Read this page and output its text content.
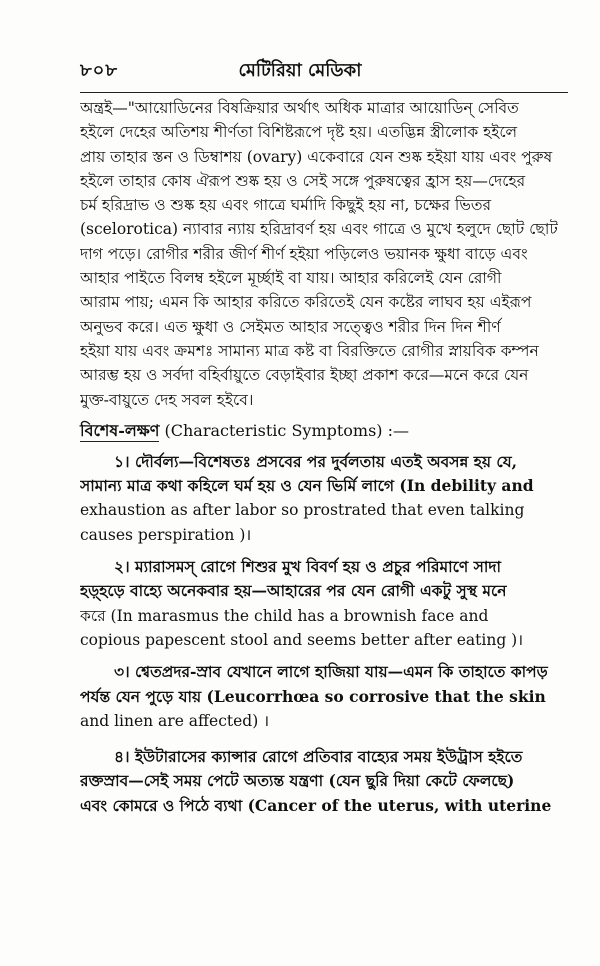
৮০৮	মেটিরিয়া মেডিকা
অন্ত্রই—"আয়োডিনের বিষক্রিয়ার অর্থাৎ অধিক মাত্রার আয়োডিন্ সেবিত
হইলে দেহের অতিশয় শীর্ণতা বিশিষ্টরূপে দৃষ্ট হয়। এতদ্ভিন্ন স্ত্রীলোক হইলে
প্রায় তাহার স্তন ও ডিম্বাশয় (ovary) একেবারে যেন শুষ্ক হইয়া যায় এবং পুরুষ
হইলে তাহার কোষ ঐরূপ শুষ্ক হয় ও সেই সঙ্গে পুরুষত্বের হ্রাস হয়—দেহের
চর্ম হরিদ্রাভ ও শুষ্ক হয় এবং গাত্রে ঘর্মাদি কিছুই হয় না, চক্ষের ভিতর
(scelorotica) ন্যাবার ন্যায় হরিদ্রাবর্ণ হয় এবং গাত্রে ও মুখে হলুদে ছোট ছোট
দাগ পড়ে। রোগীর শরীর জীর্ণ শীর্ণ হইয়া পড়িলেও ভয়ানক ক্ষুধা বাড়ে এবং
আহার পাইতে বিলম্ব হইলে মূর্চ্ছাই বা যায়। আহার করিলেই যেন রোগী
আরাম পায়; এমন কি আহার করিতে করিতেই যেন কষ্টের লাঘব হয় এইরূপ
অনুভব করে। এত ক্ষুধা ও সেইমত আহার সত্ত্বেও শরীর দিন দিন শীর্ণ
হইয়া যায় এবং ক্রমশঃ সামান্য মাত্র কষ্ট বা বিরক্তিতে রোগীর স্নায়বিক কম্পন
আরম্ভ হয় ও সর্বদা বহির্বায়ুতে বেড়াইবার ইচ্ছা প্রকাশ করে—মনে করে যেন
মুক্ত-বায়ুতে দেহ সবল হইবে।
বিশেষ-লক্ষণ (Characteristic Symptoms) :—
১। দৌর্বল্য—বিশেষতঃ প্রসবের পর দুর্বলতায় এতই অবসন্ন হয় যে,
সামান্য মাত্র কথা কহিলে ঘর্ম হয় ও যেন ভির্মি লাগে (In debility and
exhaustion as after labor so prostrated that even talking
causes perspiration )।
২। ম্যারাসমস্ রোগে শিশুর মুখ বিবর্ণ হয় ও প্রচুর পরিমাণে সাদা
হড়্‌হড়ে বাহ্যে অনেকবার হয়—আহারের পর যেন রোগী একটু সুস্থ মনে
করে (In marasmus the child has a brownish face and
copious papescent stool and seems better after eating )।
৩। শ্বেতপ্রদর-স্রাব যেখানে লাগে হাজিয়া যায়—এমন কি তাহাতে কাপড়
পর্যন্ত যেন পুড়ে যায় (Leucorrhœa so corrosive that the skin
and linen are affected) ।
৪। ইউটারাসের ক্যান্সার রোগে প্রতিবার বাহ্যের সময় ইউট্রাস হইতে
রক্তস্রাব—সেই সময় পেটে অত্যন্ত যন্ত্রণা (যেন ছুরি দিয়া কেটে ফেলছে)
এবং কোমরে ও পিঠে ব্যথা (Cancer of the uterus, with uterine
